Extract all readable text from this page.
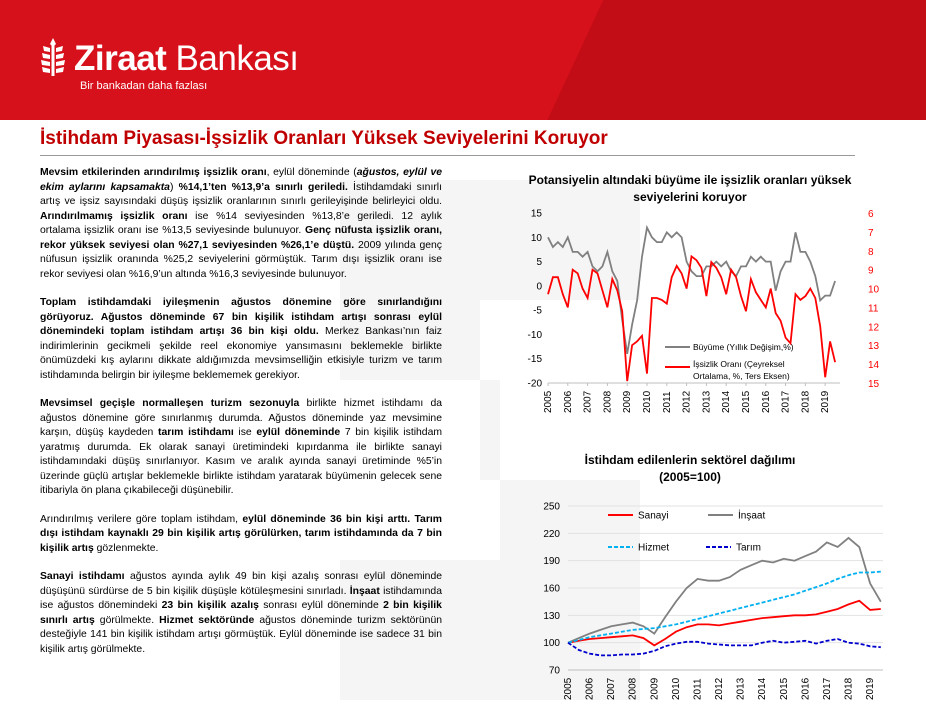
Ziraat Bankası
Bir bankadan daha fazlası
İstihdam Piyasası-İşsizlik Oranları Yüksek Seviyelerini Koruyor

Mevsim etkilerinden arındırılmış işsizlik oranı, eylül döneminde (ağustos, eylül ve ekim aylarını kapsamakta) %14,1’ten %13,9’a sınırlı geriledi. İstihdamdaki sınırlı artış ve işsiz sayısındaki düşüş işsizlik oranlarının sınırlı gerileyişinde belirleyici oldu. Arındırılmamış işsizlik oranı ise %14 seviyesinden %13,8’e geriledi. 12 aylık ortalama işsizlik oranı ise %13,5 seviyesinde bulunuyor. Genç nüfusta işsizlik oranı, rekor yüksek seviyesi olan %27,1 seviyesinden %26,1’e düştü. 2009 yılında genç nüfusun işsizlik oranında %25,2 seviyelerini görmüştük. Tarım dışı işsizlik oranı ise rekor seviyesi olan %16,9’un altında %16,3 seviyesinde bulunuyor.

Toplam istihdamdaki iyileşmenin ağustos dönemine göre sınırlandığını görüyoruz. Ağustos döneminde 67 bin kişilik istihdam artışı sonrası eylül dönemindeki toplam istihdam artışı 36 bin kişi oldu. Merkez Bankası’nın faiz indirimlerinin gecikmeli şekilde reel ekonomiye yansımasını beklemekle birlikte önümüzdeki kış aylarını dikkate aldığımızda mevsimselliğin etkisiyle turizm ve tarım istihdamında belirgin bir iyileşme beklememek gerekiyor.

Mevsimsel geçişle normalleşen turizm sezonuyla birlikte hizmet istihdamı da ağustos dönemine göre sınırlanmış durumda. Ağustos döneminde yaz mevsimine karşın, düşüş kaydeden tarım istihdamı ise eylül döneminde 7 bin kişilik istihdam yaratmış durumda. Ek olarak sanayi üretimindeki kıpırdanma ile birlikte sanayi istihdamındaki düşüş sınırlanıyor. Kasım ve aralık ayında sanayi üretiminde %5’in üzerinde güçlü artışlar beklemekle birlikte istihdam yaratarak büyümenin gelecek sene itibariyla ön plana çıkabileceği düşünebilir.

Arındırılmış verilere göre toplam istihdam, eylül döneminde 36 bin kişi arttı. Tarım dışı istihdam kaynaklı 29 bin kişilik artış görülürken, tarım istihdamında da 7 bin kişilik artış gözlenmekte.

Sanayi istihdamı ağustos ayında aylık 49 bin kişi azalış sonrası eylül döneminde düşüşünü sürdürse de 5 bin kişilik düşüşle kötüleşmesini sınırladı. İnşaat istihdamında ise ağustos dönemindeki 23 bin kişilik azalış sonrası eylül döneminde 2 bin kişilik sınırlı artış görülmekte. Hizmet sektöründe ağustos döneminde turizm sektörünün desteğiyle 141 bin kişilik istihdam artışı görmüştük. Eylül döneminde ise sadece 31 bin kişilik artış görülmekte.

Potansiyelin altındaki büyüme ile işsizlik oranları yüksek seviyelerini koruyor
15
10
5
0
-5
-10
-15
-20
6
7
8
9
10
11
12
13
14
15
2005 2006 2007 2008 2009 2010 2011 2012 2013 2014 2015 2016 2017 2018 2019
Büyüme (Yıllık Değişim,%)
İşsizlik Oranı (Çeyreksel Ortalama, %, Ters Eksen)
İstihdam edilenlerin sektörel dağılımı
(2005=100)
250
220
190
160
130
100
70
2005 2006 2007 2008 2009 2010 2011 2012 2013 2014 2015 2016 2017 2018 2019
Sanayi	İnşaat
Hizmet	Tarım
